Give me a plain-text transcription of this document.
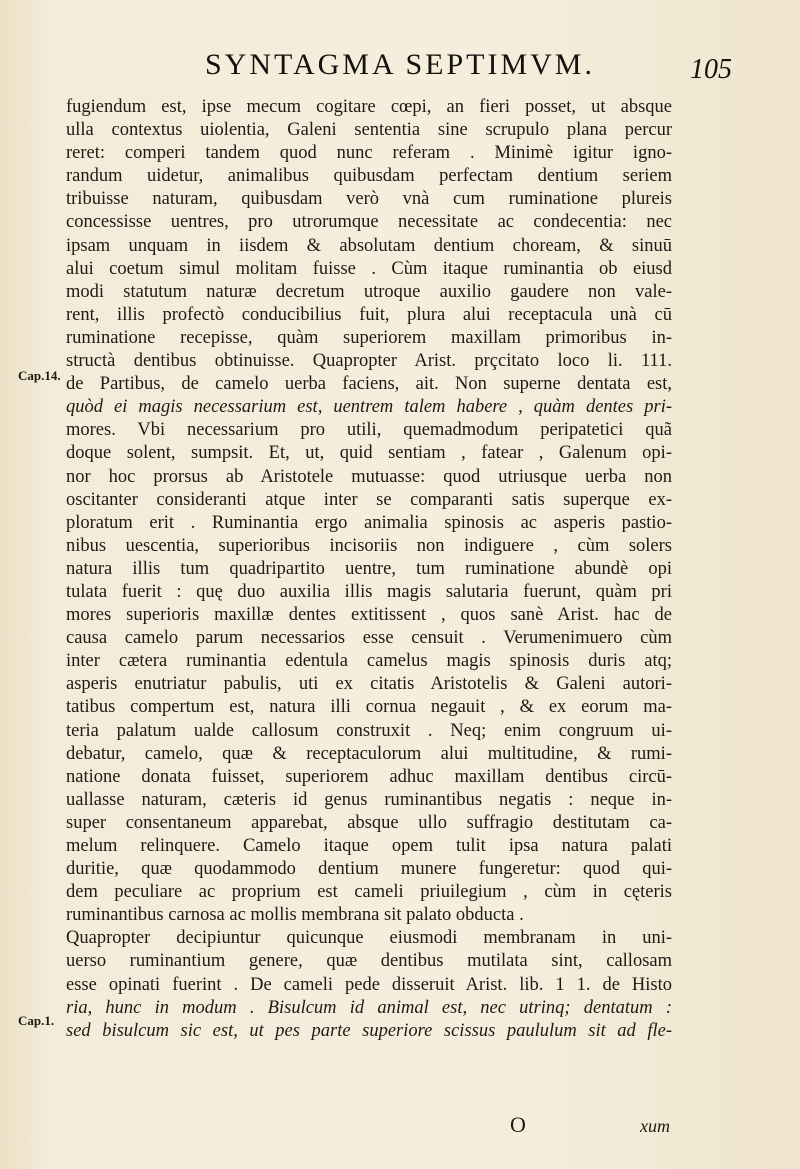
SYNTAGMA SEPTIMVM.	105
Cap.14.
Cap.1.
fugiendum est, ipse mecum cogitare cœpi, an fieri posset, ut absque
ulla contextus uiolentia, Galeni sententia sine scrupulo plana percur
reret: comperi tandem quod nunc referam . Minimè igitur igno-
randum uidetur, animalibus quibusdam perfectam dentium seriem
tribuisse naturam, quibusdam verò vnà cum ruminatione plureis
concessisse uentres, pro utrorumque necessitate ac condecentia: nec
ipsam unquam in iisdem & absolutam dentium choream, & sinuū
alui coetum simul molitam fuisse . Cùm itaque ruminantia ob eiusd
modi statutum naturæ decretum utroque auxilio gaudere non vale-
rent, illis profectò conducibilius fuit, plura alui receptacula unà cū
ruminatione recepisse, quàm superiorem maxillam primoribus in-
structà dentibus obtinuisse. Quapropter Arist. prçcitato loco li. 111.
de Partibus, de camelo uerba faciens, ait. Non superne dentata est,
quòd ei magis necessarium est, uentrem talem habere , quàm dentes pri-
mores. Vbi necessarium pro utili, quemadmodum peripatetici quã
doque solent, sumpsit. Et, ut, quid sentiam , fatear , Galenum opi-
nor hoc prorsus ab Aristotele mutuasse: quod utriusque uerba non
oscitanter consideranti atque inter se comparanti satis superque ex-
ploratum erit . Ruminantia ergo animalia spinosis ac asperis pastio-
nibus uescentia, superioribus incisoriis non indiguere , cùm solers
natura illis tum quadripartito uentre, tum ruminatione abundè opi
tulata fuerit : quę duo auxilia illis magis salutaria fuerunt, quàm pri
mores superioris maxillæ dentes extitissent , quos sanè Arist. hac de
causa camelo parum necessarios esse censuit . Verumenimuero cùm
inter cætera ruminantia edentula camelus magis spinosis duris atq;
asperis enutriatur pabulis, uti ex citatis Aristotelis & Galeni autori-
tatibus compertum est, natura illi cornua negauit , & ex eorum ma-
teria palatum ualde callosum construxit . Neq; enim congruum ui-
debatur, camelo, quæ & receptaculorum alui multitudine, & rumi-
natione donata fuisset, superiorem adhuc maxillam dentibus circū-
uallasse naturam, cæteris id genus ruminantibus negatis : neque in-
super consentaneum apparebat, absque ullo suffragio destitutam ca-
melum relinquere. Camelo itaque opem tulit ipsa natura palati
duritie, quæ quodammodo dentium munere fungeretur: quod qui-
dem peculiare ac proprium est cameli priuilegium , cùm in cęteris
ruminantibus carnosa ac mollis membrana sit palato obducta .
Quapropter decipiuntur quicunque eiusmodi membranam in uni-
uerso ruminantium genere, quæ dentibus mutilata sint, callosam
esse opinati fuerint . De cameli pede disseruit Arist. lib. 1 1. de Histo
ria, hunc in modum . Bisulcum id animal est, nec utrinq; dentatum :
sed bisulcum sic est, ut pes parte superiore scissus paululum sit ad fle-
O	xum
